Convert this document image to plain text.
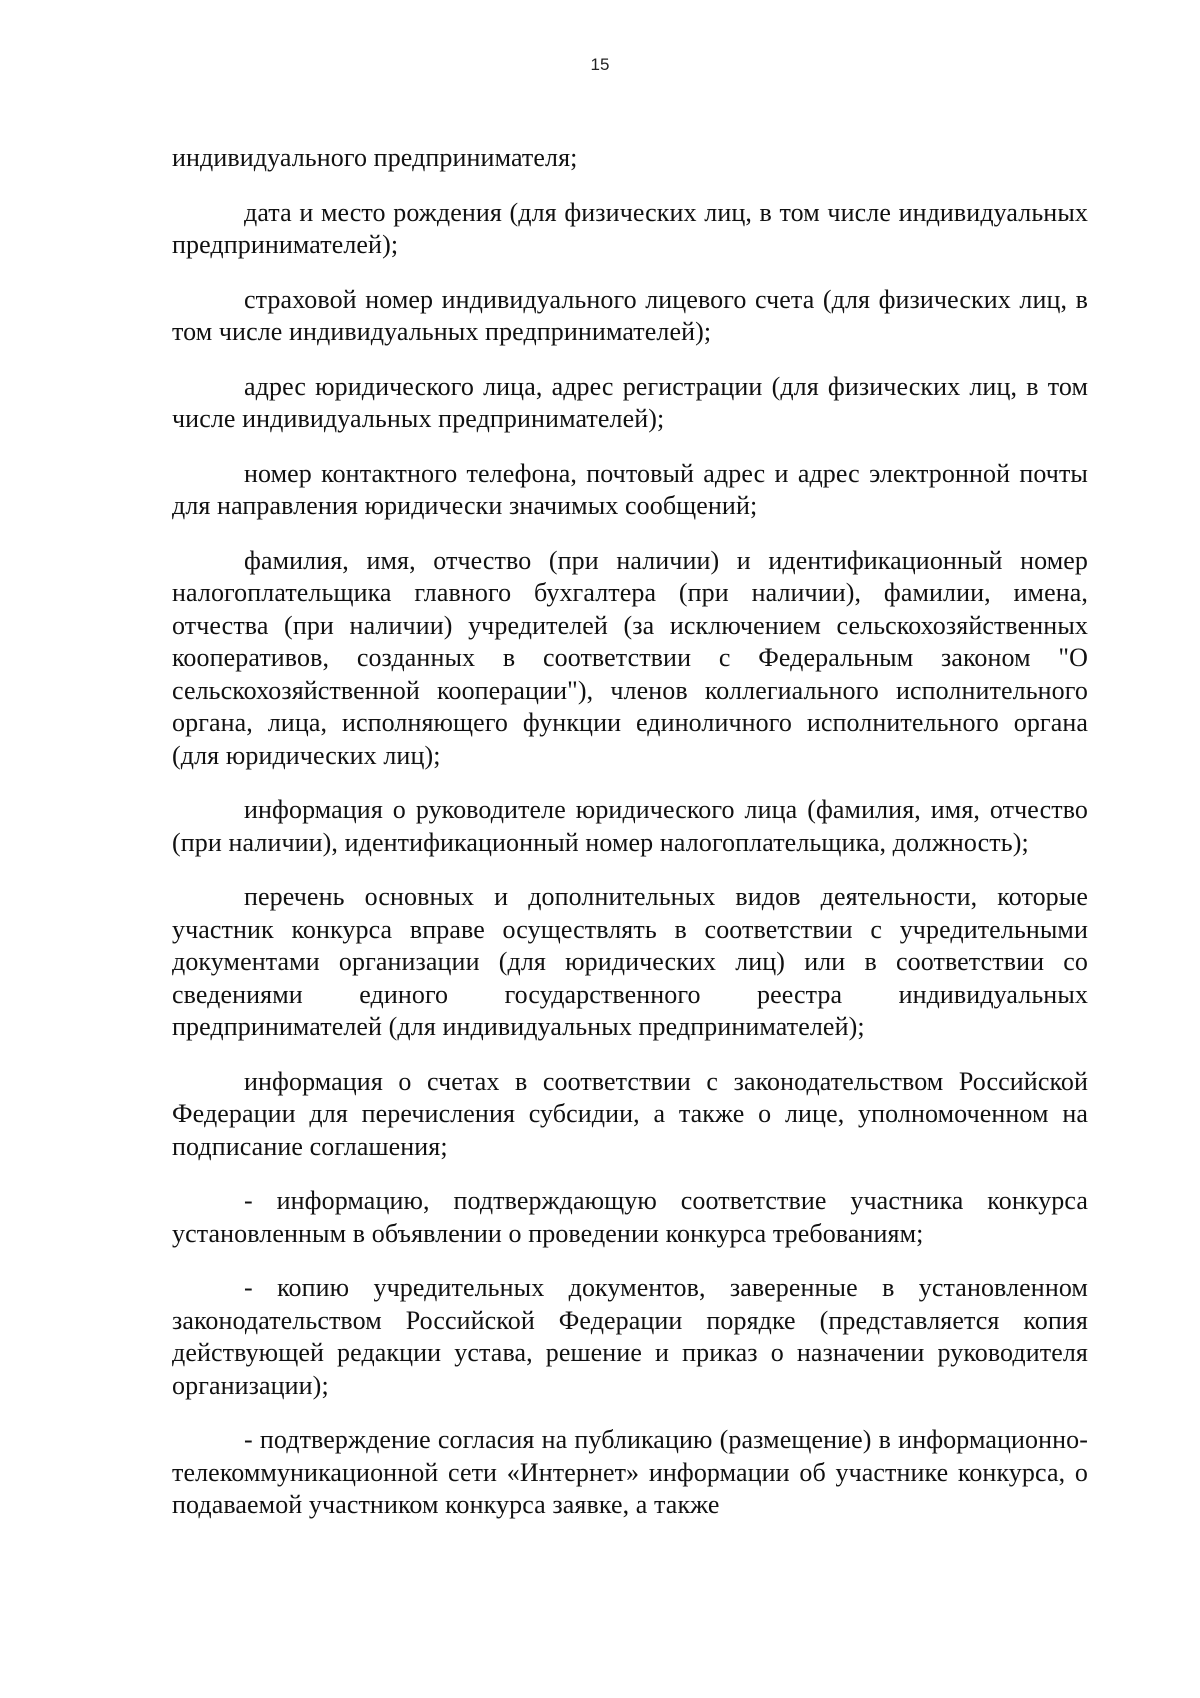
15

индивидуального предпринимателя;

дата и место рождения (для физических лиц, в том числе индивидуальных предпринимателей);

страховой номер индивидуального лицевого счета (для физических лиц, в том числе индивидуальных предпринимателей);

адрес юридического лица, адрес регистрации (для физических лиц, в том числе индивидуальных предпринимателей);

номер контактного телефона, почтовый адрес и адрес электронной почты для направления юридически значимых сообщений;

фамилия, имя, отчество (при наличии) и идентификационный номер налогоплательщика главного бухгалтера (при наличии), фамилии, имена, отчества (при наличии) учредителей (за исключением сельскохозяйственных кооперативов, созданных в соответствии с Федеральным законом "О сельскохозяйственной кооперации"), членов коллегиального исполнительного органа, лица, исполняющего функции единоличного исполнительного органа (для юридических лиц);

информация о руководителе юридического лица (фамилия, имя, отчество (при наличии), идентификационный номер налогоплательщика, должность);

перечень основных и дополнительных видов деятельности, которые участник конкурса вправе осуществлять в соответствии с учредительными документами организации (для юридических лиц) или в соответствии со сведениями единого государственного реестра индивидуальных предпринимателей (для индивидуальных предпринимателей);

информация о счетах в соответствии с законодательством Российской Федерации для перечисления субсидии, а также о лице, уполномоченном на подписание соглашения;

- информацию, подтверждающую соответствие участника конкурса установленным в объявлении о проведении конкурса требованиям;

- копию учредительных документов, заверенные в установленном законодательством Российской Федерации порядке (представляется копия действующей редакции устава, решение и приказ о назначении руководителя организации);

- подтверждение согласия на публикацию (размещение) в информационно-телекоммуникационной сети «Интернет» информации об участнике конкурса, о подаваемой участником конкурса заявке, а также
